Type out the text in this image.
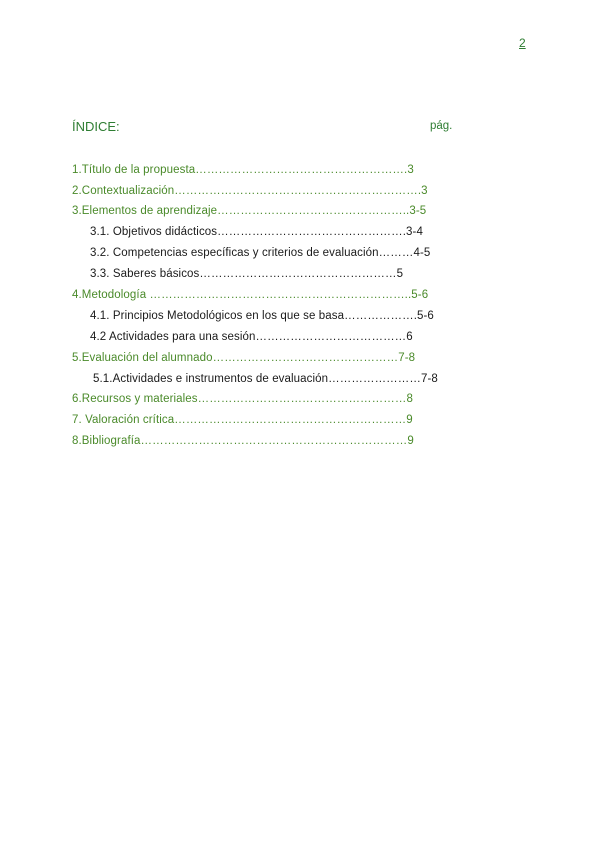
2
ÍNDICE:	pág.
1.Título de la propuesta……………………………………………….3
2.Contextualización……………………………………………………….3
3.Elementos de aprendizaje…………………………………………..3-5
3.1. Objetivos didácticos………………………………………….3-4
3.2. Competencias específicas y criterios de evaluación………4-5
3.3. Saberes básicos……………………………………………5
4.Metodología …………………………………………………………..5-6
4.1. Principios Metodológicos en los que se basa……………….5-6
4.2 Actividades para una sesión…………………………………6
5.Evaluación del alumnado…………………………………………7-8
5.1.Actividades e instrumentos de evaluación……………………7-8
6.Recursos y materiales………………………………………………8
7. Valoración crítica……………………………………………………9
8.Bibliografía……………………………………………………………9
